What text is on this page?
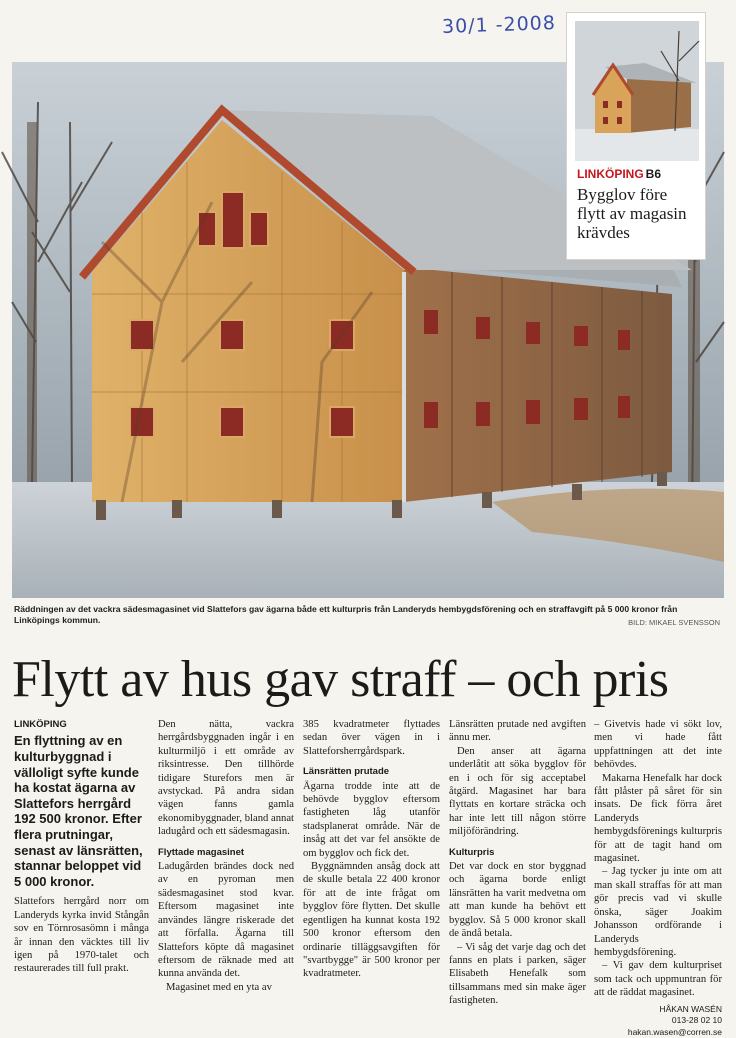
30/1 -2008
LINKÖPING B6
Bygglov före flytt av magasin krävdes
Räddningen av det vackra sädesmagasinet vid Slattefors gav ägarna både ett kulturpris från Landeryds hembygdsförening och en straffavgift på 5 000 kronor från Linköpings kommun.	BILD: MIKAEL SVENSSON
Flytt av hus gav straff – och pris
LINKÖPING
En flyttning av en kulturbyggnad i välloligt syfte kunde ha kostat ägarna av Slattefors herrgård 192 500 kronor. Efter flera prutningar, senast av länsrätten, stannar beloppet vid 5 000 kronor.

Slattefors herrgård norr om Landeryds kyrka invid Stångån sov en Törnrosasömn i många år innan den väcktes till liv igen på 1970-talet och restaurerades till full prakt.

Den nätta, vackra herrgårdsbyggnaden ingår i en kulturmiljö i ett område av riksintresse. Den tillhörde tidigare Sturefors men är avstyckad. På andra sidan vägen fanns gamla ekonomibyggnader, bland annat ladugård och ett sädesmagasin.

Flyttade magasinet

Ladugården brändes dock ned av en pyroman men sädesmagasinet stod kvar. Eftersom magasinet inte användes längre riskerade det att förfalla. Ägarna till Slattefors köpte då magasinet eftersom de räknade med att kunna använda det.

Magasinet med en yta av

385 kvadratmeter flyttades sedan över vägen in i Slatteforsherrgårdspark.

Länsrätten prutade

Ägarna trodde inte att de behövde bygglov eftersom fastigheten låg utanför stadsplanerat område. När de insåg att det var fel ansökte de om bygglov och fick det.

Byggnämnden ansåg dock att de skulle betala 22 400 kronor för att de inte frågat om bygglov före flytten. Det skulle egentligen ha kunnat kosta 192 500 kronor eftersom den ordinarie tilläggsavgiften för "svartbygge" är 500 kronor per kvadratmeter.

Länsrätten prutade ned avgiften ännu mer.

Den anser att ägarna underlåtit att söka bygglov för en i och för sig acceptabel åtgärd. Magasinet har bara flyttats en kortare sträcka och har inte lett till någon större miljöförändring.

Kulturpris

Det var dock en stor byggnad och ägarna borde enligt länsrätten ha varit medvetna om att man kunde ha behövt ett bygglov. Så 5 000 kronor skall de ändå betala.

– Vi såg det varje dag och det fanns en plats i parken, säger Elisabeth Henefalk som tillsammans med sin make äger fastigheten.

– Givetvis hade vi sökt lov, men vi hade fått uppfattningen att det inte behövdes.

Makarna Henefalk har dock fått plåster på såret för sin insats. De fick förra året Landeryds hembygdsförenings kulturpris för att de tagit hand om magasinet.

– Jag tycker ju inte om att man skall straffas för att man gör precis vad vi skulle önska, säger Joakim Johansson ordförande i Landeryds hembygdsförening.

– Vi gav dem kulturpriset som tack och uppmuntran för att de räddat magasinet.

HÅKAN WASÉN
013-28 02 10
hakan.wasen@corren.se
